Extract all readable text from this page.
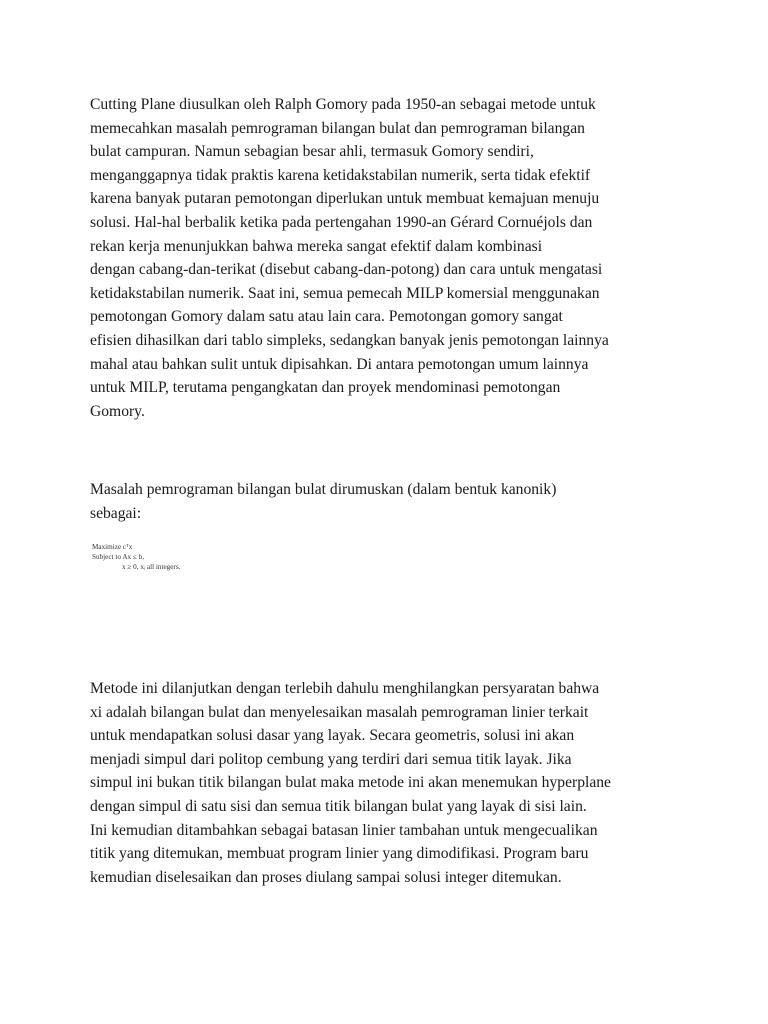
Cutting Plane diusulkan oleh Ralph Gomory pada 1950-an sebagai metode untuk
memecahkan masalah pemrograman bilangan bulat dan pemrograman bilangan
bulat campuran. Namun sebagian besar ahli, termasuk Gomory sendiri,
menganggapnya tidak praktis karena ketidakstabilan numerik, serta tidak efektif
karena banyak putaran pemotongan diperlukan untuk membuat kemajuan menuju
solusi. Hal-hal berbalik ketika pada pertengahan 1990-an Gérard Cornuéjols dan
rekan kerja menunjukkan bahwa mereka sangat efektif dalam kombinasi
dengan cabang-dan-terikat (disebut cabang-dan-potong) dan cara untuk mengatasi
ketidakstabilan numerik. Saat ini, semua pemecah MILP komersial menggunakan
pemotongan Gomory dalam satu atau lain cara. Pemotongan gomory sangat
efisien dihasilkan dari tablo simpleks, sedangkan banyak jenis pemotongan lainnya
mahal atau bahkan sulit untuk dipisahkan. Di antara pemotongan umum lainnya
untuk MILP, terutama pengangkatan dan proyek mendominasi pemotongan
Gomory.

Masalah pemrograman bilangan bulat dirumuskan (dalam bentuk kanonik)
sebagai:

Maximize cᵀx
Subject to Ax ≤ b,
x ≥ 0, xᵢ all integers.

Metode ini dilanjutkan dengan terlebih dahulu menghilangkan persyaratan bahwa
xi adalah bilangan bulat dan menyelesaikan masalah pemrograman linier terkait
untuk mendapatkan solusi dasar yang layak. Secara geometris, solusi ini akan
menjadi simpul dari politop cembung yang terdiri dari semua titik layak. Jika
simpul ini bukan titik bilangan bulat maka metode ini akan menemukan hyperplane
dengan simpul di satu sisi dan semua titik bilangan bulat yang layak di sisi lain.
Ini kemudian ditambahkan sebagai batasan linier tambahan untuk mengecualikan
titik yang ditemukan, membuat program linier yang dimodifikasi. Program baru
kemudian diselesaikan dan proses diulang sampai solusi integer ditemukan.
